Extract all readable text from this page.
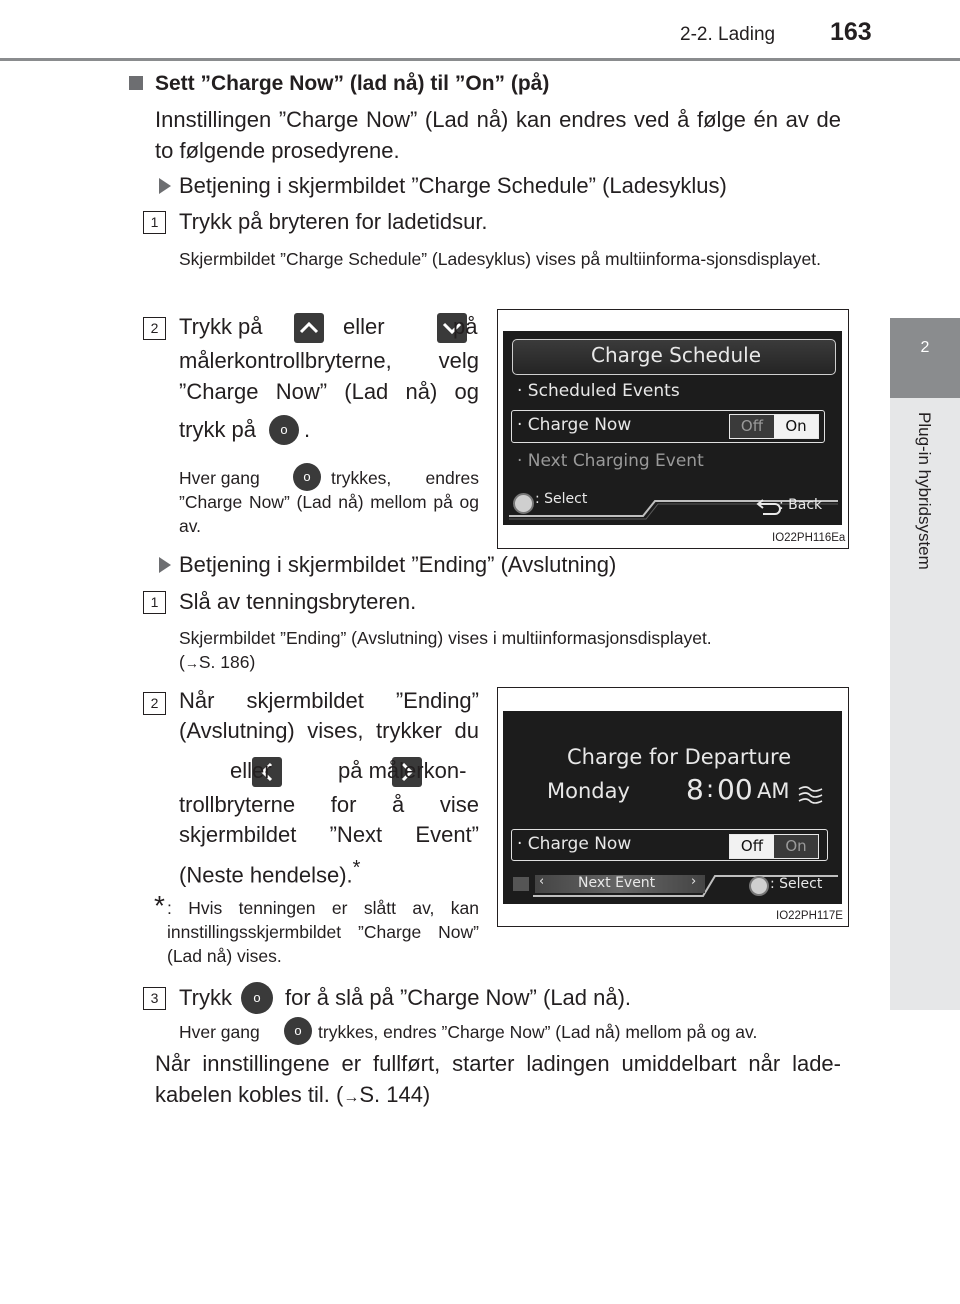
2-2. Lading 163
2
Plug-in hybridsystem
Sett ”Charge Now” (lad nå) til ”On” (på)
Innstillingen ”Charge Now” (Lad nå) kan endres ved å følge én av de to følgende prosedyrene.
Betjening i skjermbildet ”Charge Schedule” (Ladesyklus)
1 Trykk på bryteren for ladetidsur.
Skjermbildet ”Charge Schedule” (Ladesyklus) vises på multiinforma-sjonsdisplayet.
2 Trykk på
	eller
	på
målerkontrollbryterne, velg ”Charge Now” (Lad nå) og
trykk på	o .
Hver gang	o	trykkes, endres ”Charge Now” (Lad nå) mellom på og av.
Charge Schedule
· Scheduled Events
· Charge Now	Off	On
· Next Charging Event
: Select	: Back
IO22PH116Ea
Betjening i skjermbildet ”Ending” (Avslutning)
1 Slå av tenningsbryteren.
Skjermbildet ”Ending” (Avslutning) vises i multiinformasjonsdisplayet.
(→S. 186)
2 Når skjermbildet ”Ending” (Avslutning) vises, trykker du

eller	på målerkon-
trollbryterne for å vise skjermbildet ”Next Event”
(Neste hendelse).*
* : Hvis tenningen er slått av, kan innstillingsskjermbildet ”Charge Now” (Lad nå) vises.
Charge for Departure
Monday 8 : 00 AM
· Charge Now	Off	On
‹ Next Event	›	: Select
IO22PH117E
3 Trykk	o	for å slå på ”Charge Now” (Lad nå).
Hver gang	o trykkes, endres ”Charge Now” (Lad nå) mellom på og av.
Når innstillingene er fullført, starter ladingen umiddelbart når lade-kabelen kobles til. (→S. 144)
